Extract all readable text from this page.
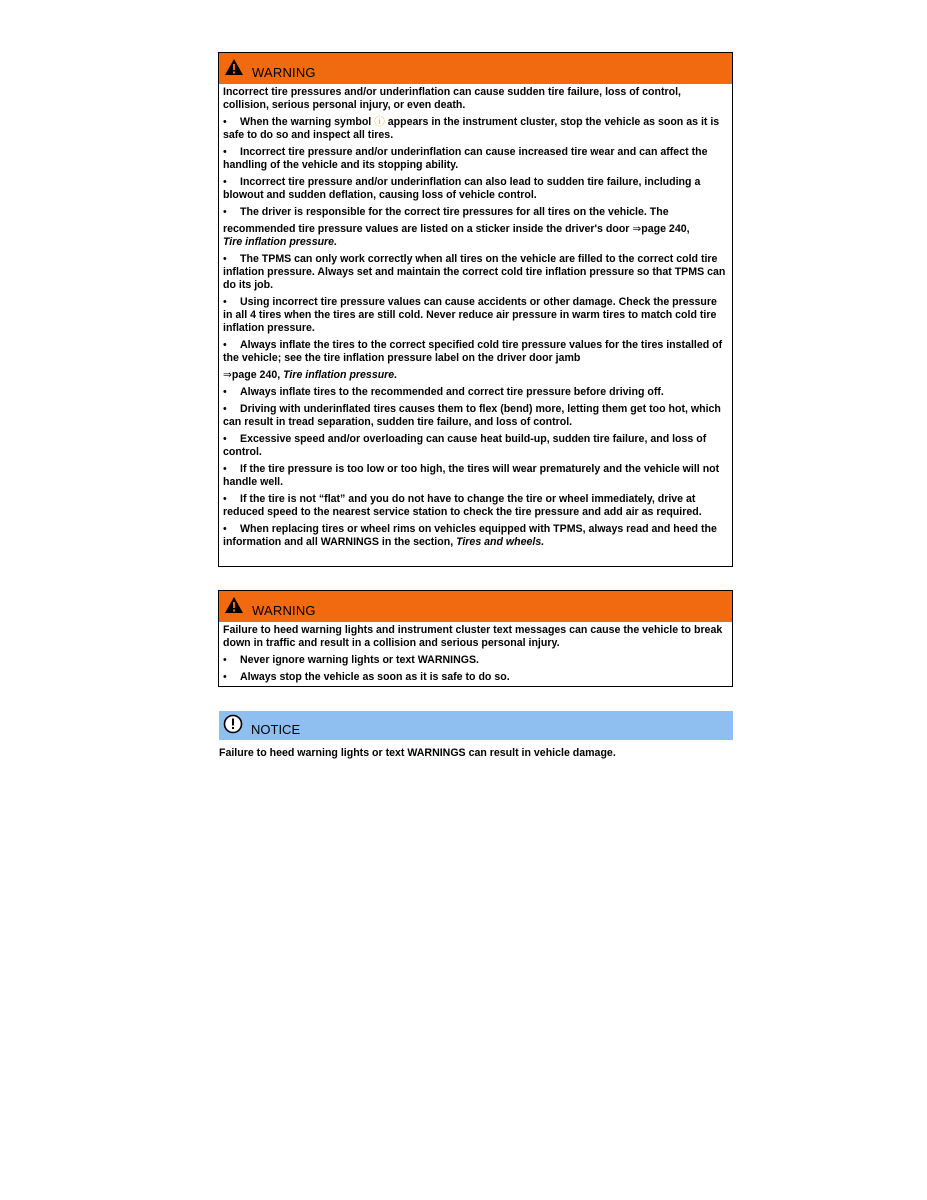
WARNING

Incorrect tire pressures and/or underinflation can cause sudden tire failure, loss of control, collision, serious personal injury, or even death.

• When the warning symbol ⓘ appears in the instrument cluster, stop the vehicle as soon as it is safe to do so and inspect all tires.

• Incorrect tire pressure and/or underinflation can cause increased tire wear and can affect the handling of the vehicle and its stopping ability.

• Incorrect tire pressure and/or underinflation can also lead to sudden tire failure, including a blowout and sudden deflation, causing loss of vehicle control.

• The driver is responsible for the correct tire pressures for all tires on the vehicle. The

recommended tire pressure values are listed on a sticker inside the driver's door ⇒page 240,
Tire inflation pressure.

• The TPMS can only work correctly when all tires on the vehicle are filled to the correct cold tire inflation pressure. Always set and maintain the correct cold tire inflation pressure so that TPMS can do its job.

• Using incorrect tire pressure values can cause accidents or other damage. Check the pressure in all 4 tires when the tires are still cold. Never reduce air pressure in warm tires to match cold tire inflation pressure.

• Always inflate the tires to the correct specified cold tire pressure values for the tires installed of the vehicle; see the tire inflation pressure label on the driver door jamb

⇒page 240, Tire inflation pressure.

• Always inflate tires to the recommended and correct tire pressure before driving off.

• Driving with underinflated tires causes them to flex (bend) more, letting them get too hot, which can result in tread separation, sudden tire failure, and loss of control.

• Excessive speed and/or overloading can cause heat build-up, sudden tire failure, and loss of control.

• If the tire pressure is too low or too high, the tires will wear prematurely and the vehicle will not handle well.

• If the tire is not “flat” and you do not have to change the tire or wheel immediately, drive at reduced speed to the nearest service station to check the tire pressure and add air as required.

• When replacing tires or wheel rims on vehicles equipped with TPMS, always read and heed the information and all WARNINGS in the section, Tires and wheels.

WARNING

Failure to heed warning lights and instrument cluster text messages can cause the vehicle to break down in traffic and result in a collision and serious personal injury.

• Never ignore warning lights or text WARNINGS.

• Always stop the vehicle as soon as it is safe to do so.

NOTICE

Failure to heed warning lights or text WARNINGS can result in vehicle damage.
